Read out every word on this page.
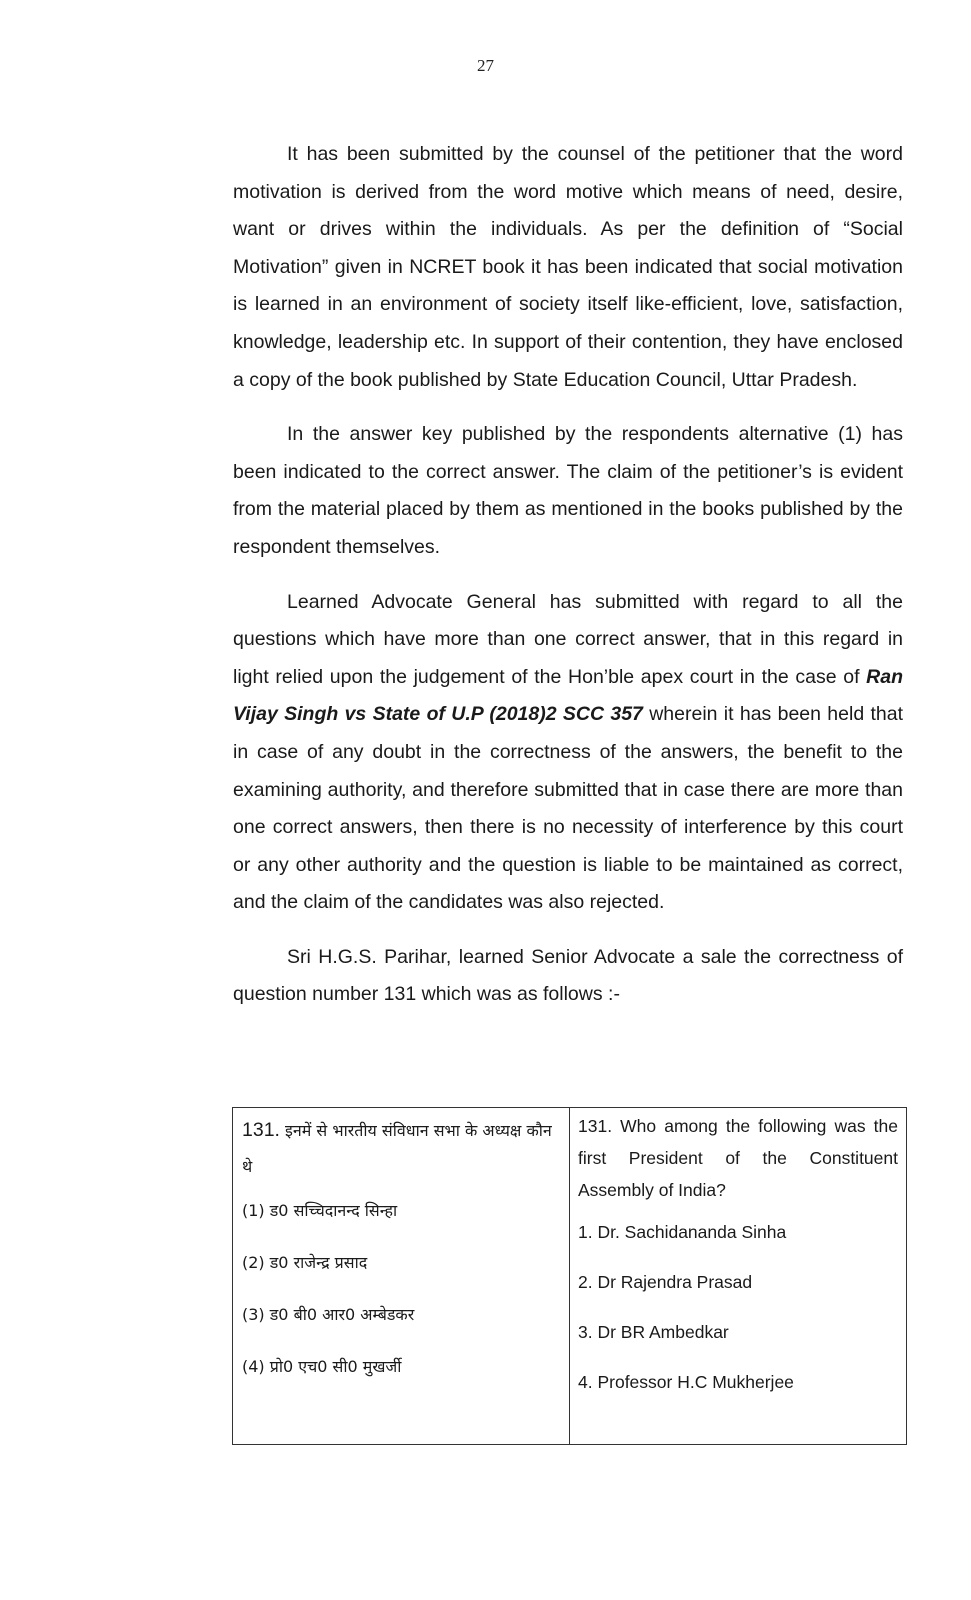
27

It has been submitted by the counsel of the petitioner that the word motivation is derived from the word motive which means of need, desire, want or drives within the individuals. As per the definition of “Social Motivation” given in NCRET book it has been indicated that social motivation is learned in an environment of society itself like-efficient, love, satisfaction, knowledge, leadership etc. In support of their contention, they have enclosed a copy of the book published by State Education Council, Uttar Pradesh.

In the answer key published by the respondents alternative (1) has been indicated to the correct answer. The claim of the petitioner’s is evident from the material placed by them as mentioned in the books published by the respondent themselves.

Learned Advocate General has submitted with regard to all the questions which have more than one correct answer, that in this regard in light relied upon the judgement of the Hon’ble apex court in the case of Ran Vijay Singh vs State of U.P (2018)2 SCC 357 wherein it has been held that in case of any doubt in the correctness of the answers, the benefit to the examining authority, and therefore submitted that in case there are more than one correct answers, then there is no necessity of interference by this court or any other authority and the question is liable to be maintained as correct, and the claim of the candidates was also rejected.

Sri H.G.S. Parihar, learned Senior Advocate a sale the correctness of question number 131 which was as follows :-

131. इनमें से भारतीय संविधान सभा के अध्यक्ष कौन थे
(1) ड0 सच्चिदानन्द सिन्हा
(2) ड0 राजेन्द्र प्रसाद
(3) ड0 बी0 आर0 अम्बेडकर
(4) प्रो0 एच0 सी0 मुखर्जी

131. Who among the following was the first President of the Constituent Assembly of India?
1. Dr. Sachidananda Sinha
2. Dr Rajendra Prasad
3. Dr BR Ambedkar
4. Professor H.C Mukherjee
